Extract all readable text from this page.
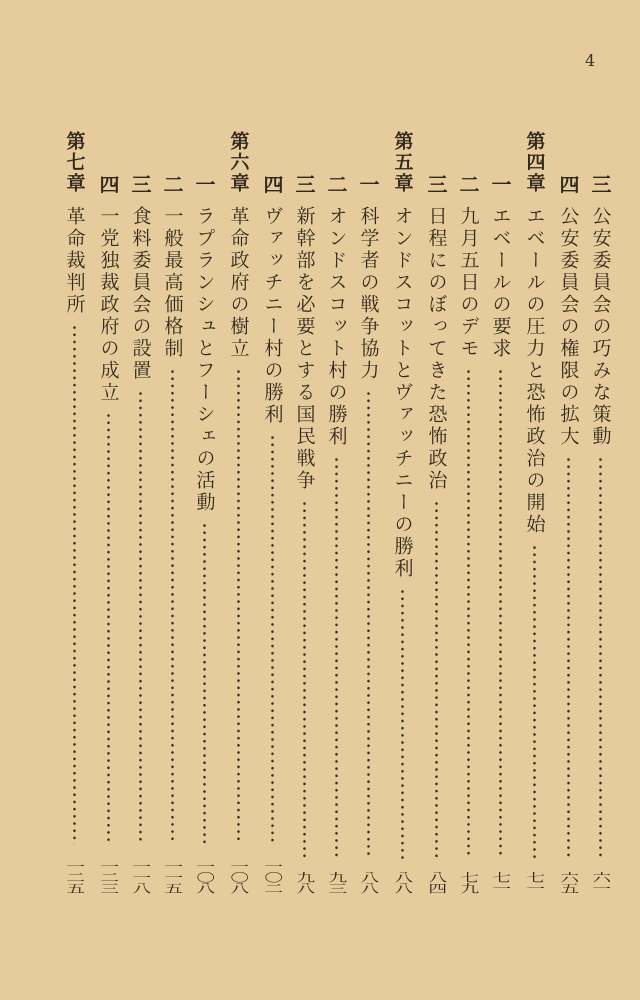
4
三
公安委員会の巧みな策動
六一
四
公安委員会の権限の拡大
六五
第四章
エベールの圧力と恐怖政治の開始
七一
一
エベールの要求
七一
二
九月五日のデモ
七九
三
日程にのぼってきた恐怖政治
八四
第五章
オンドスコットとヴァッチニーの勝利
八八
一
科学者の戦争協力
八八
二
オンドスコット村の勝利
九三
三
新幹部を必要とする国民戦争
九八
四
ヴァッチニー村の勝利
一〇二
第六章
革命政府の樹立
一〇八
一
ラプランシュとフーシェの活動
一〇八
二
一般最高価格制
一一五
三
食料委員会の設置
一一八
四
一党独裁政府の成立
一二三
第七章
革命裁判所
一二五
